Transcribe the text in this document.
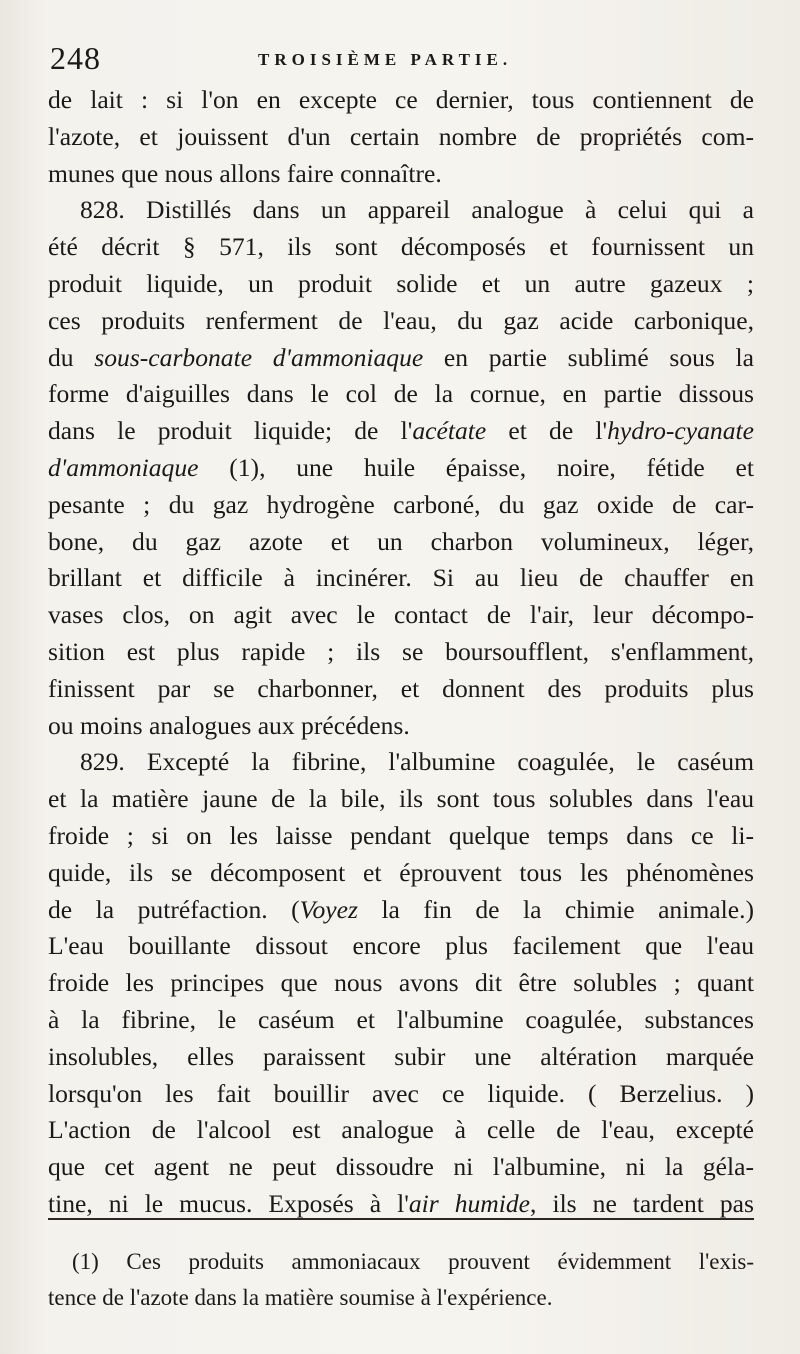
248	TROISIÈME PARTIE.
de lait : si l'on en excepte ce dernier, tous contiennent de
l'azote, et jouissent d'un certain nombre de propriétés com-
munes que nous allons faire connaître.
828. Distillés dans un appareil analogue à celui qui a
été décrit § 571, ils sont décomposés et fournissent un
produit liquide, un produit solide et un autre gazeux ;
ces produits renferment de l'eau, du gaz acide carbonique,
du sous-carbonate d'ammoniaque en partie sublimé sous la
forme d'aiguilles dans le col de la cornue, en partie dissous
dans le produit liquide; de l'acétate et de l'hydro-cyanate
d'ammoniaque (1), une huile épaisse, noire, fétide et
pesante ; du gaz hydrogène carboné, du gaz oxide de car-
bone, du gaz azote et un charbon volumineux, léger,
brillant et difficile à incinérer. Si au lieu de chauffer en
vases clos, on agit avec le contact de l'air, leur décompo-
sition est plus rapide ; ils se boursoufflent, s'enflamment,
finissent par se charbonner, et donnent des produits plus
ou moins analogues aux précédens.
829. Excepté la fibrine, l'albumine coagulée, le caséum
et la matière jaune de la bile, ils sont tous solubles dans l'eau
froide ; si on les laisse pendant quelque temps dans ce li-
quide, ils se décomposent et éprouvent tous les phénomènes
de la putréfaction. (Voyez la fin de la chimie animale.)
L'eau bouillante dissout encore plus facilement que l'eau
froide les principes que nous avons dit être solubles ; quant
à la fibrine, le caséum et l'albumine coagulée, substances
insolubles, elles paraissent subir une altération marquée
lorsqu'on les fait bouillir avec ce liquide. ( Berzelius. )
L'action de l'alcool est analogue à celle de l'eau, excepté
que cet agent ne peut dissoudre ni l'albumine, ni la géla-
tine, ni le mucus. Exposés à l'air humide, ils ne tardent pas
(1) Ces produits ammoniacaux prouvent évidemment l'exis-
tence de l'azote dans la matière soumise à l'expérience.
